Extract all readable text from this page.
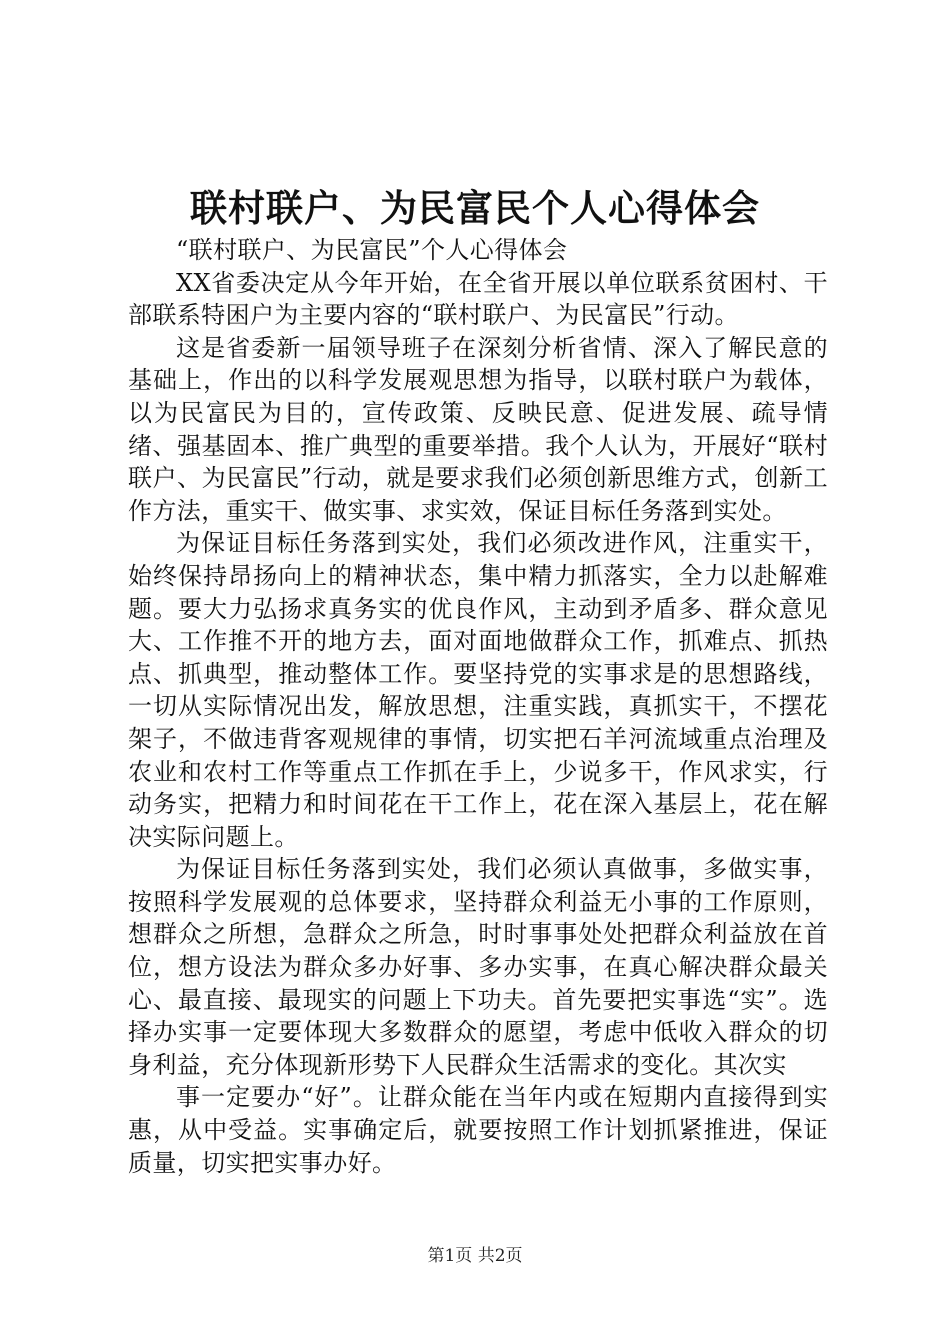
联村联户、为民富民个人心得体会

“联村联户、为民富民”个人心得体会

XX省委决定从今年开始，在全省开展以单位联系贫困村、干部联系特困户为主要内容的“联村联户、为民富民”行动。

这是省委新一届领导班子在深刻分析省情、深入了解民意的基础上，作出的以科学发展观思想为指导，以联村联户为载体，以为民富民为目的，宣传政策、反映民意、促进发展、疏导情绪、强基固本、推广典型的重要举措。我个人认为，开展好“联村联户、为民富民”行动，就是要求我们必须创新思维方式，创新工作方法，重实干、做实事、求实效，保证目标任务落到实处。

为保证目标任务落到实处，我们必须改进作风，注重实干，始终保持昂扬向上的精神状态，集中精力抓落实，全力以赴解难题。要大力弘扬求真务实的优良作风，主动到矛盾多、群众意见大、工作推不开的地方去，面对面地做群众工作，抓难点、抓热点、抓典型，推动整体工作。要坚持党的实事求是的思想路线，一切从实际情况出发，解放思想，注重实践，真抓实干，不摆花架子，不做违背客观规律的事情，切实把石羊河流域重点治理及农业和农村工作等重点工作抓在手上，少说多干，作风求实，行动务实，把精力和时间花在干工作上，花在深入基层上，花在解决实际问题上。

为保证目标任务落到实处，我们必须认真做事，多做实事，按照科学发展观的总体要求，坚持群众利益无小事的工作原则，想群众之所想，急群众之所急，时时事事处处把群众利益放在首位，想方设法为群众多办好事、多办实事，在真心解决群众最关心、最直接、最现实的问题上下功夫。首先要把实事选“实”。选择办实事一定要体现大多数群众的愿望，考虑中低收入群众的切身利益，充分体现新形势下人民群众生活需求的变化。其次实

事一定要办“好”。让群众能在当年内或在短期内直接得到实惠，从中受益。实事确定后，就要按照工作计划抓紧推进，保证质量，切实把实事办好。

第1页 共2页
